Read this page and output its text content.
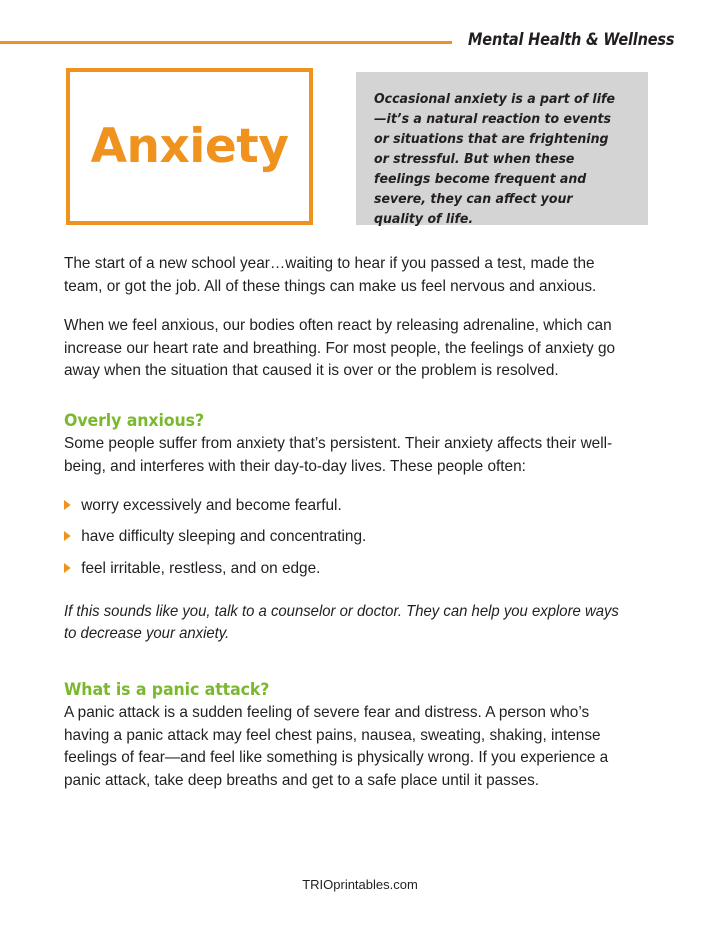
Mental Health & Wellness
Anxiety
Occasional anxiety is a part of life—it’s a natural reaction to events or situations that are frightening or stressful. But when these feelings become frequent and severe, they can affect your quality of life.

The start of a new school year…waiting to hear if you passed a test, made the team, or got the job. All of these things can make us feel nervous and anxious.

When we feel anxious, our bodies often react by releasing adrenaline, which can increase our heart rate and breathing. For most people, the feelings of anxiety go away when the situation that caused it is over or the problem is resolved.

Overly anxious?

Some people suffer from anxiety that’s persistent. Their anxiety affects their well-being, and interferes with their day-to-day lives. These people often:

worry excessively and become fearful.
have difficulty sleeping and concentrating.
feel irritable, restless, and on edge.

If this sounds like you, talk to a counselor or doctor. They can help you explore ways to decrease your anxiety.

What is a panic attack?

A panic attack is a sudden feeling of severe fear and distress. A person who’s having a panic attack may feel chest pains, nausea, sweating, shaking, intense feelings of fear—and feel like something is physically wrong. If you experience a panic attack, take deep breaths and get to a safe place until it passes.

TRIOprintables.com
